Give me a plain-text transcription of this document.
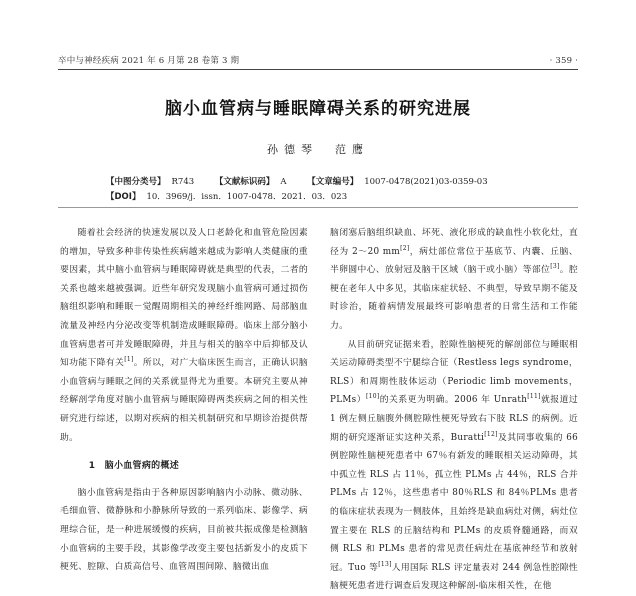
卒中与神经疾病 2021 年 6 月第 28 卷第 3 期	· 359 ·
脑小血管病与睡眠障碍关系的研究进展
孙德琴　范鹰
【中图分类号】 R743 【文献标识码】 A 【文章编号】 1007-0478(2021)03-0359-03
【DOI】 10．3969/j．issn．1007-0478．2021．03．023

随着社会经济的快速发展以及人口老龄化和血管危险因素的增加，导致多种非传染性疾病越来越成为影响人类健康的重要因素，其中脑小血管病与睡眠障碍就是典型的代表，二者的关系也越来越被强调。近些年研究发现脑小血管病可通过损伤脑组织影响和睡眠－觉醒周期相关的神经纤维网路、局部脑血流量及神经内分泌改变等机制造成睡眠障碍。临床上部分脑小血管病患者可并发睡眠障碍，并且与相关的脑卒中后抑郁及认知功能下降有关[1]。所以，对广大临床医生而言，正确认识脑小血管病与睡眠之间的关系就显得尤为重要。本研究主要从神经解剖学角度对脑小血管病与睡眠障碍两类疾病之间的相关性研究进行综述，以期对疾病的相关机制研究和早期诊治提供帮助。

1　脑小血管病的概述

脑小血管病是指由于各种原因影响脑内小动脉、微动脉、毛细血管、微静脉和小静脉所导致的一系列临床、影像学、病理综合征，是一种进展缓慢的疾病，目前被共振成像是检测脑小血管病的主要手段，其影像学改变主要包括新发小的皮质下梗死、腔隙、白质高信号、血管周围间隙、脑微出血

脑闭塞后脑组织缺血、坏死、液化形成的缺血性小软化灶，直径为 2～20 mm[2]，病灶部位常位于基底节、内囊、丘脑、半卵圆中心、放射冠及脑干区域（脑干或小脑）等部位[3]。腔梗在老年人中多见，其临床症状轻、不典型，导致早期不能及时诊治，随着病情发展最终可影响患者的日常生活和工作能力。

从目前研究证据来看，腔隙性脑梗死的解剖部位与睡眠相关运动障碍类型不宁腿综合征（Restless legs syndrome，RLS）和周期性肢体运动（Periodic limb movements，PLMs）[10]的关系更为明确。2006 年 Unrath[11]就报道过 1 例左侧丘脑腹外侧腔隙性梗死导致右下肢 RLS 的病例。近期的研究逐渐证实这种关系，Buratti[12]及其同事收集的 66 例腔隙性脑梗死患者中 67％有新发的睡眠相关运动障碍，其中孤立性 RLS 占 11％，孤立性 PLMs 占 44％，RLS 合并 PLMs 占 12％，这些患者中 80％RLS 和 84％PLMs 患者的临床症状表现为一侧肢体，且始终是缺血病灶对侧，病灶位置主要在 RLS 的丘脑结构和 PLMs 的皮质脊髓通路，而双侧 RLS 和 PLMs 患者的常见责任病灶在基底神经节和放射冠。Tuo 等[13]人用国际 RLS 评定量表对 244 例急性腔隙性脑梗死患者进行调查后发现这种解剖-临床相关性，在他
